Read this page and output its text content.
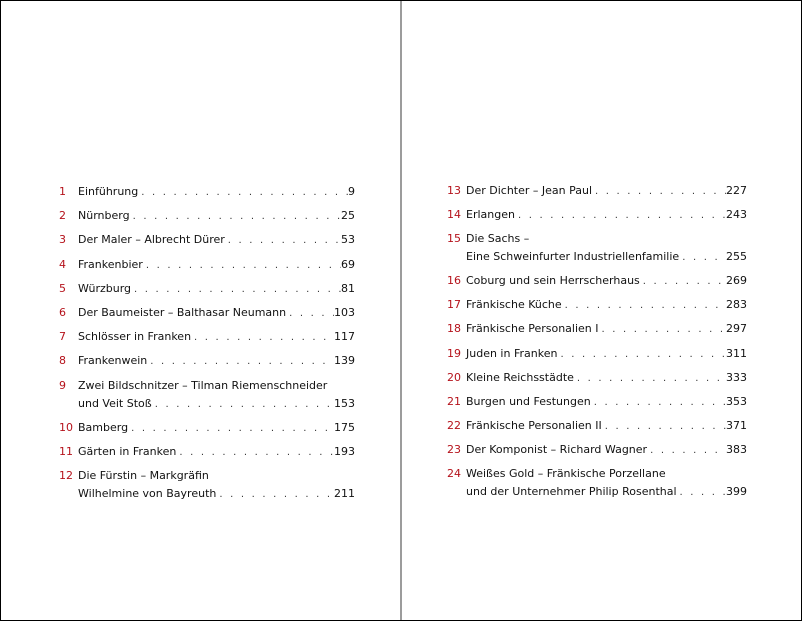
1	Einführung . . .	9
2	Nürnberg . . .	25
3	Der Maler – Albrecht Dürer . . .	53
4	Frankenbier . . .	69
5	Würzburg . . .	81
6	Der Baumeister – Balthasar Neumann . . .	103
7	Schlösser in Franken . . .	117
8	Frankenwein . . .	139
9	Zwei Bildschnitzer – Tilman Riemenschneider
und Veit Stoß . . .	153
10 Bamberg . . .	175
11 Gärten in Franken . . .	193
12 Die Fürstin – Markgräfin
Wilhelmine von Bayreuth . . .	211
13 Der Dichter – Jean Paul . . .	227
14 Erlangen . . .	243
15 Die Sachs –
Eine Schweinfurter Industriellenfamilie . . .	255
16 Coburg und sein Herrscherhaus . . .	269
17 Fränkische Küche . . .	283
18 Fränkische Personalien I . . .	297
19 Juden in Franken . . .	311
20 Kleine Reichsstädte . . .	333
21 Burgen und Festungen . . .	353
22 Fränkische Personalien II . . .	371
23 Der Komponist – Richard Wagner . . .	383
24 Weißes Gold – Fränkische Porzellane
und der Unternehmer Philip Rosenthal . . .	399
